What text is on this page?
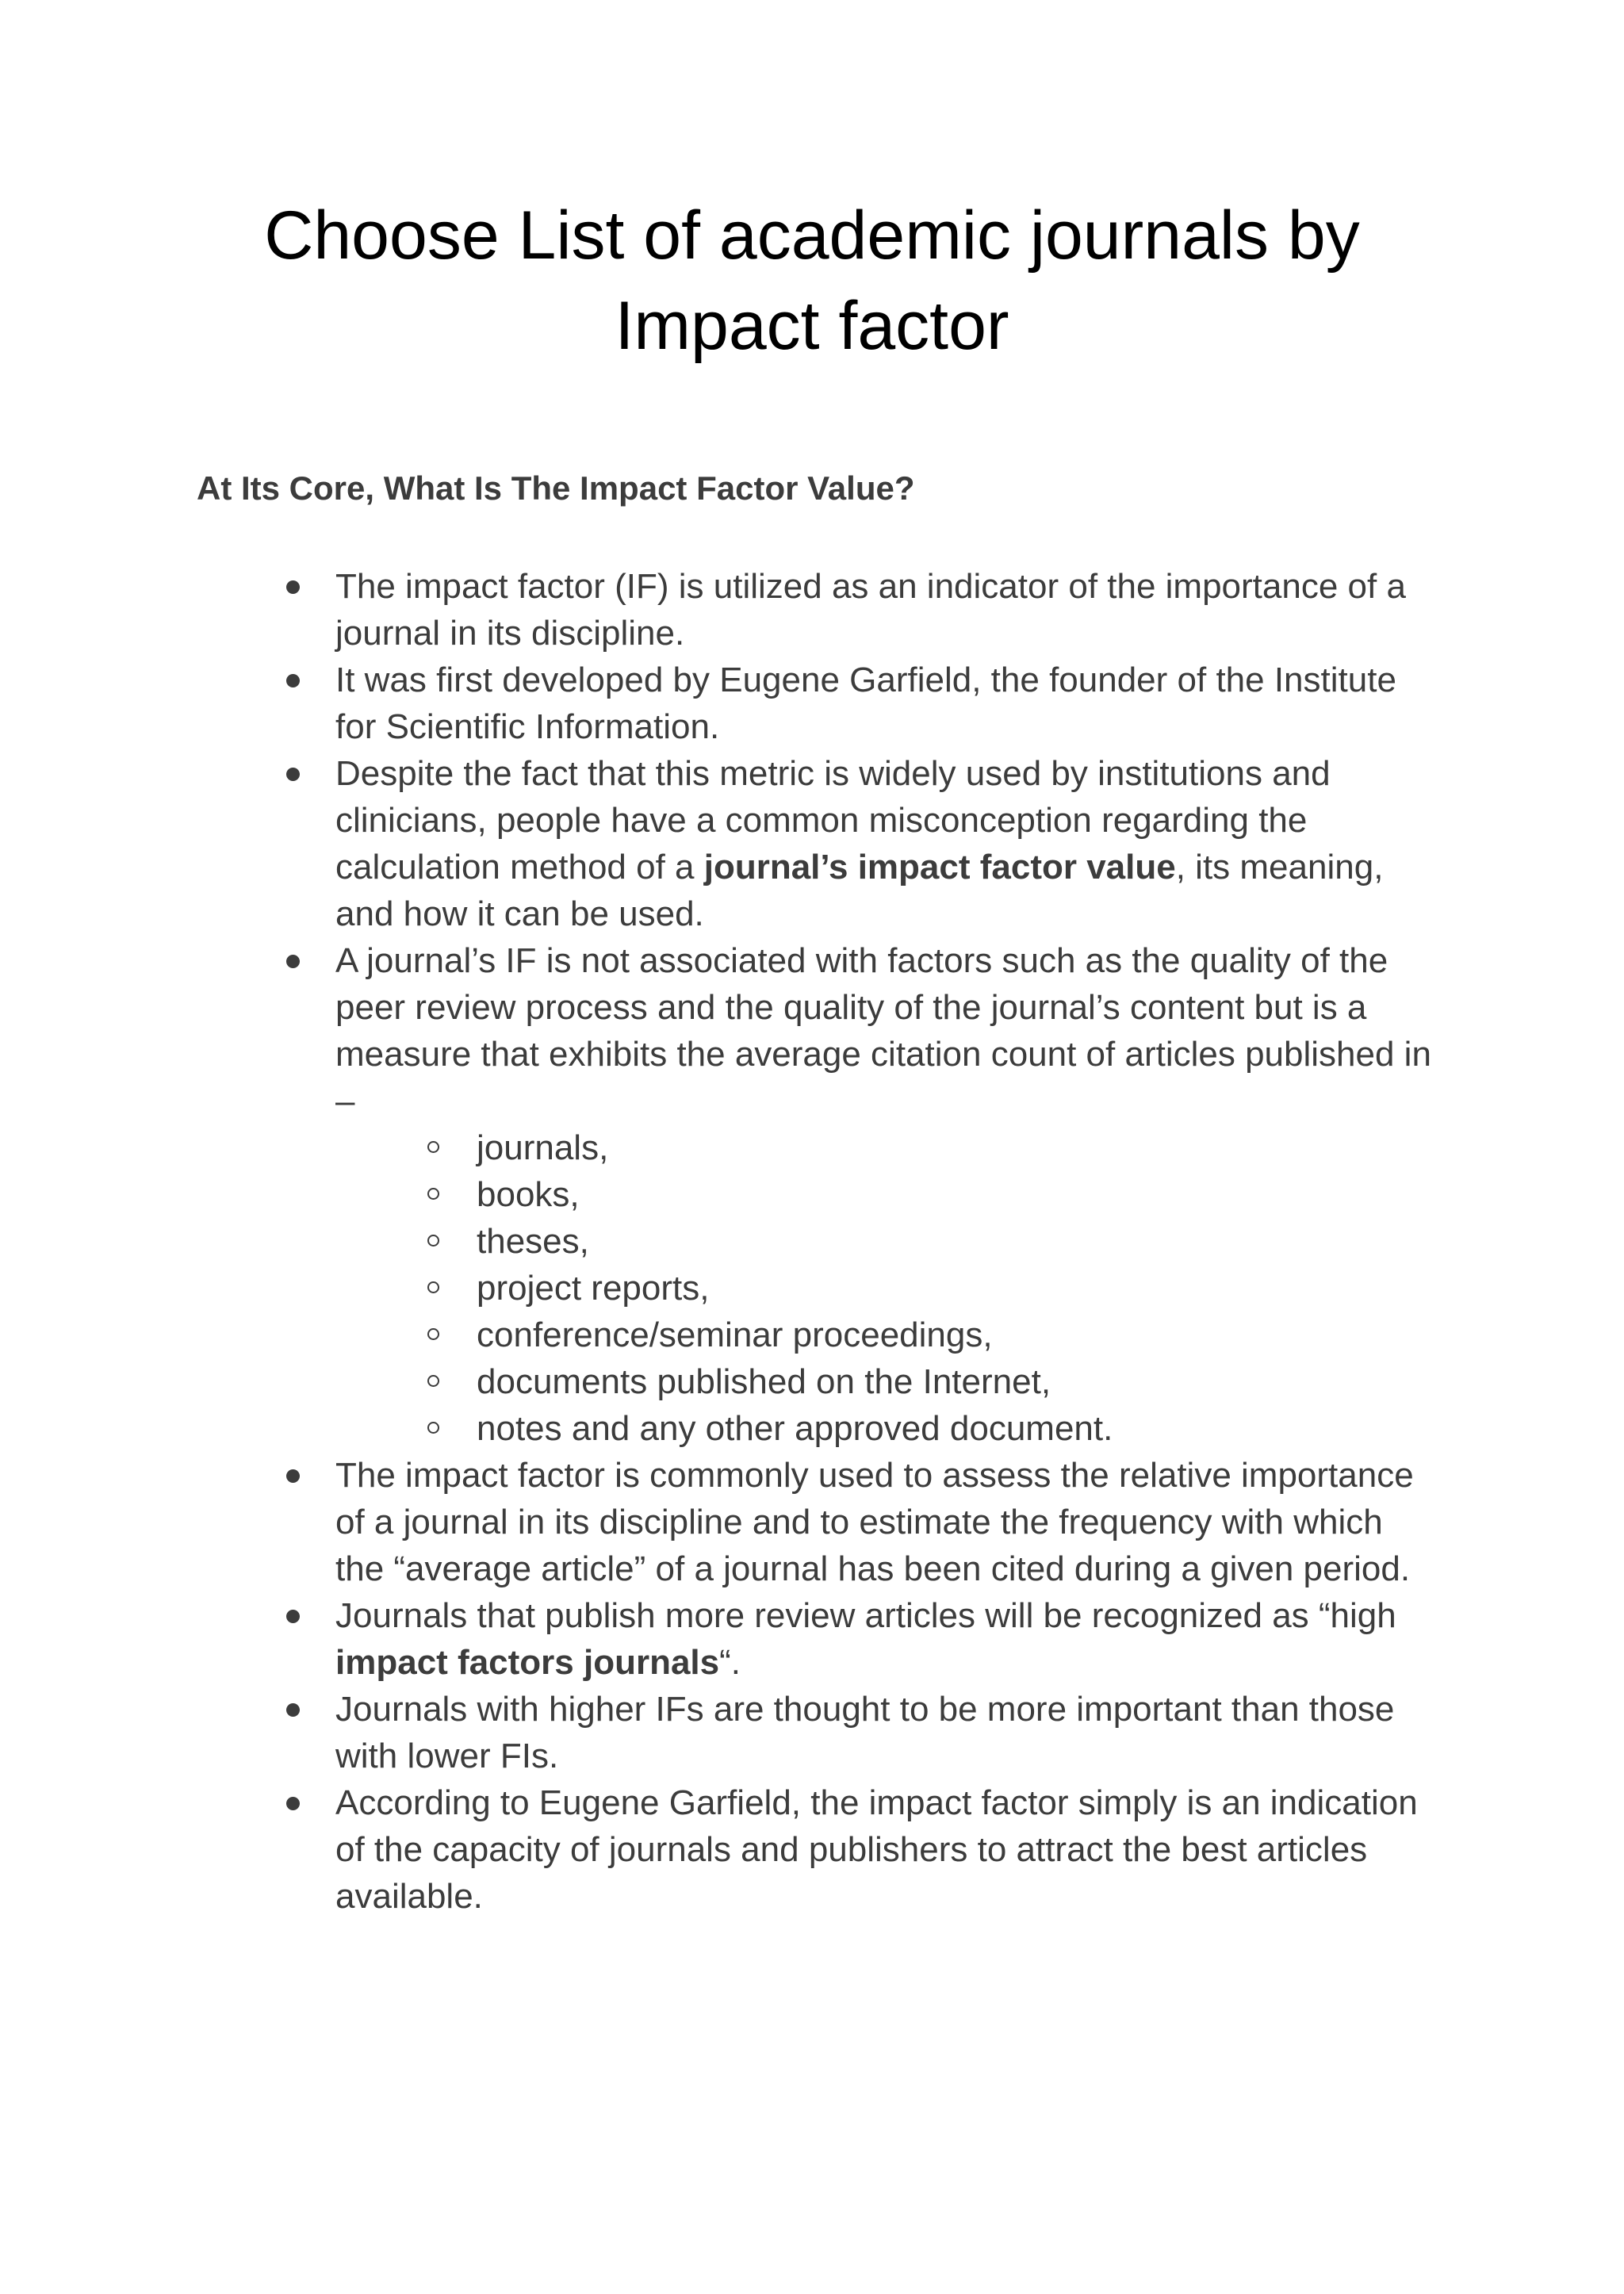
Choose List of academic journals by Impact factor
At Its Core, What Is The Impact Factor Value?
The impact factor (IF) is utilized as an indicator of the importance of a journal in its discipline.
It was first developed by Eugene Garfield, the founder of the Institute for Scientific Information.
Despite the fact that this metric is widely used by institutions and clinicians, people have a common misconception regarding the calculation method of a journal’s impact factor value, its meaning, and how it can be used.
A journal’s IF is not associated with factors such as the quality of the peer review process and the quality of the journal’s content but is a measure that exhibits the average citation count of articles published in –
journals,
books,
theses,
project reports,
conference/seminar proceedings,
documents published on the Internet,
notes and any other approved document.
The impact factor is commonly used to assess the relative importance of a journal in its discipline and to estimate the frequency with which the “average article” of a journal has been cited during a given period.
Journals that publish more review articles will be recognized as “high impact factors journals“.
Journals with higher IFs are thought to be more important than those with lower FIs.
According to Eugene Garfield, the impact factor simply is an indication of the capacity of journals and publishers to attract the best articles available.
